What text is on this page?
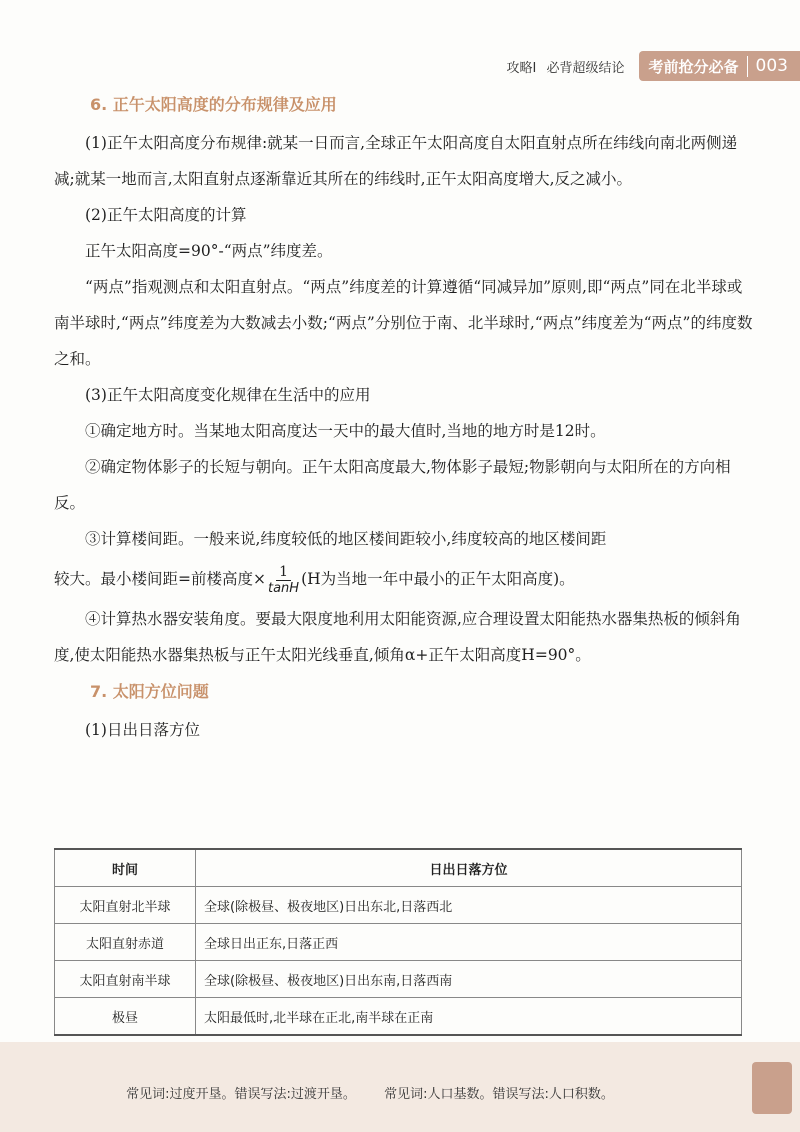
攻略Ⅰ 必背超级结论	考前抢分必备	003
6. 正午太阳高度的分布规律及应用

(1)正午太阳高度分布规律:就某一日而言,全球正午太阳高度自太阳直射点所在纬线向南北两侧递减;就某一地而言,太阳直射点逐渐靠近其所在的纬线时,正午太阳高度增大,反之减小。

(2)正午太阳高度的计算

正午太阳高度=90°-“两点”纬度差。

“两点”指观测点和太阳直射点。“两点”纬度差的计算遵循“同减异加”原则,即“两点”同在北半球或南半球时,“两点”纬度差为大数减去小数;“两点”分别位于南、北半球时,“两点”纬度差为“两点”的纬度数之和。

(3)正午太阳高度变化规律在生活中的应用

①确定地方时。当某地太阳高度达一天中的最大值时,当地的地方时是12时。

②确定物体影子的长短与朝向。正午太阳高度最大,物体影子最短;物影朝向与太阳所在的方向相反。

③计算楼间距。一般来说,纬度较低的地区楼间距较小,纬度较高的地区楼间距

较大。最小楼间距=前楼高度× $\frac{1}{\tan H} (H$为当地一年中最小的正午太阳高度)。

④计算热水器安装角度。要最大限度地利用太阳能资源,应合理设置太阳能热水器集热板的倾斜角度,使太阳能热水器集热板与正午太阳光线垂直,倾角α+正午太阳高度H=90°。

7. 太阳方位问题

(1)日出日落方位

时间	日出日落方位
太阳直射北半球	全球(除极昼、极夜地区)日出东北,日落西北
太阳直射赤道	全球日出正东,日落正西
太阳直射南半球	全球(除极昼、极夜地区)日出东南,日落西南
极昼	太阳最低时,北半球在正北,南半球在正南
常见词:过度开垦。错误写法:过渡开垦。 常见词:人口基数。错误写法:人口积数。
